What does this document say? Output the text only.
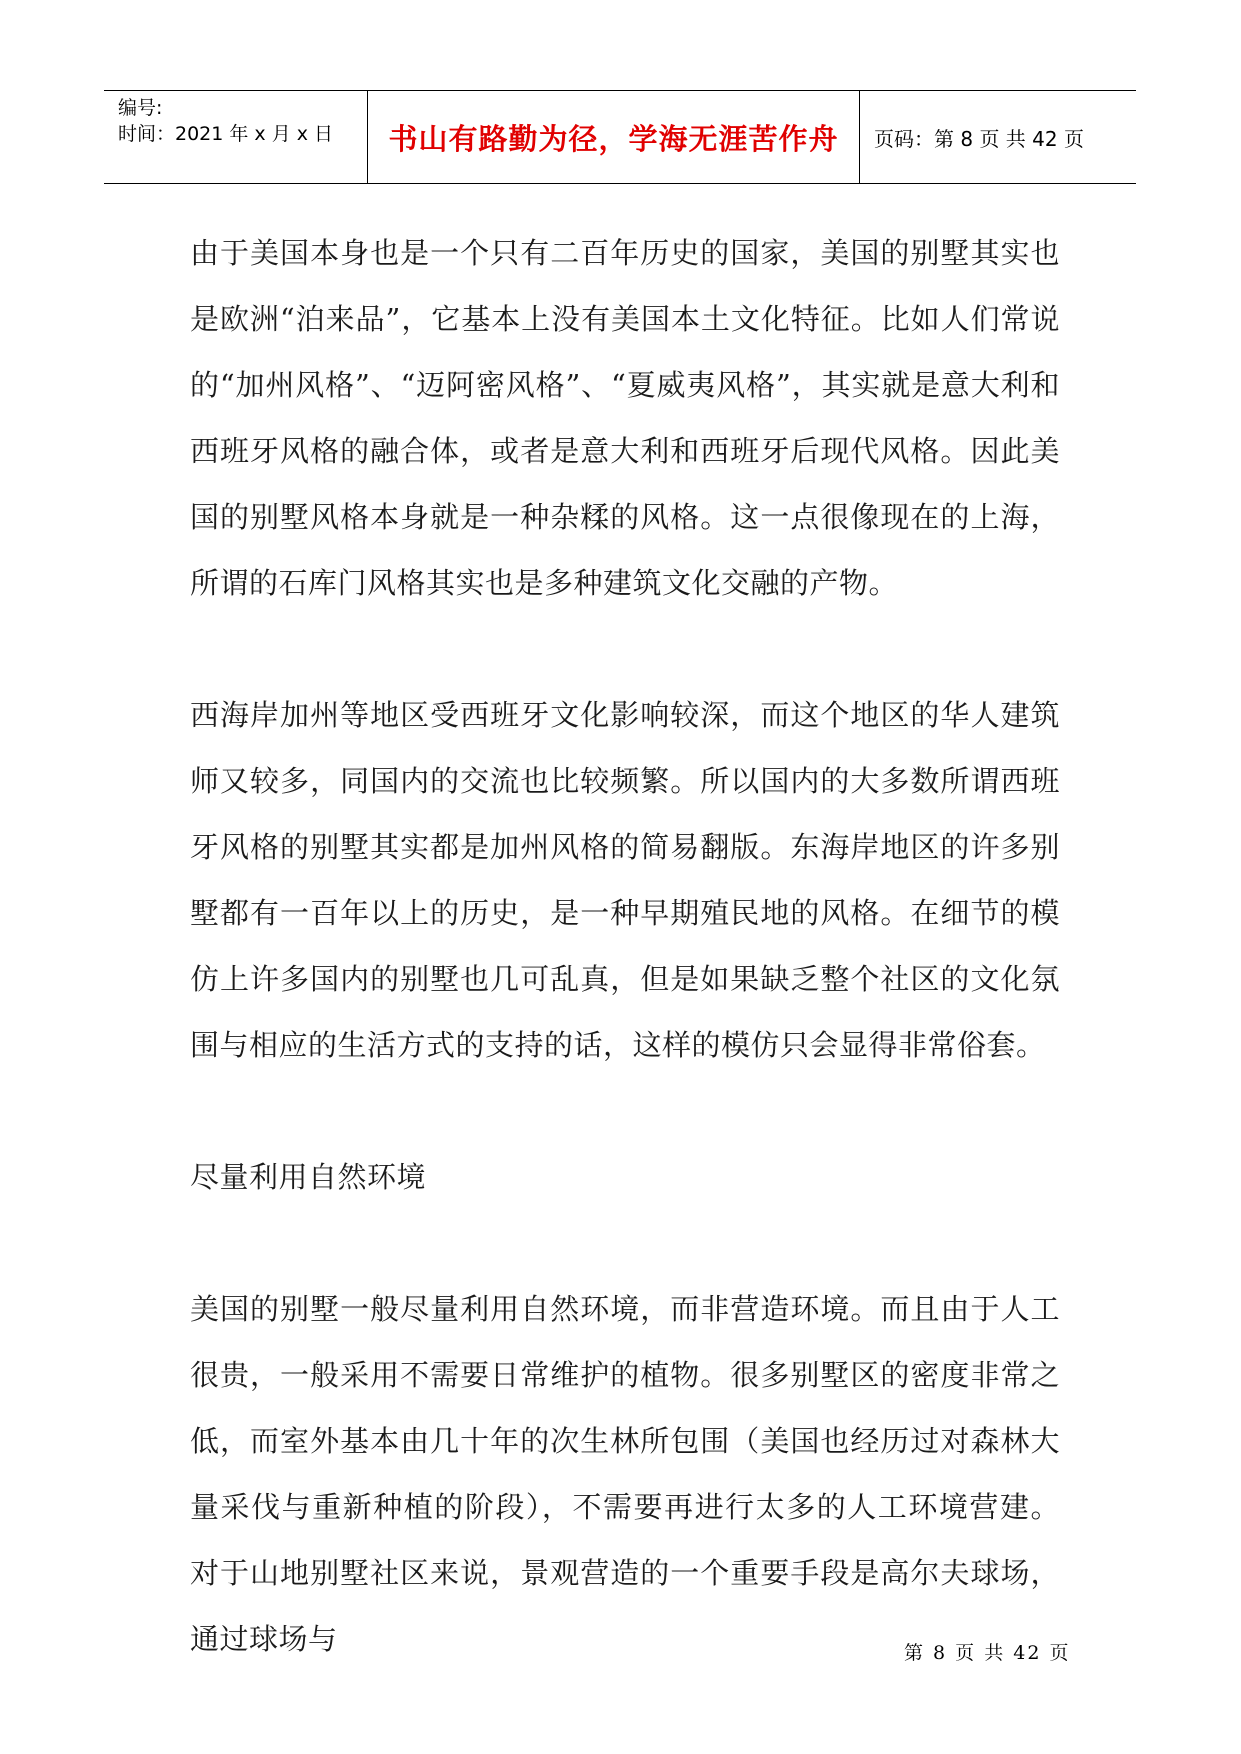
编号:
时间：2021 年 x 月 x 日 书山有路勤为径，学海无涯苦作舟	页码：第 8 页 共 42 页

由于美国本身也是一个只有二百年历史的国家，美国的别墅其实也是欧洲“泊来品”，它基本上没有美国本土文化特征。比如人们常说的“加州风格”、“迈阿密风格”、“夏威夷风格”，其实就是意大利和西班牙风格的融合体，或者是意大利和西班牙后现代风格。因此美国的别墅风格本身就是一种杂糅的风格。这一点很像现在的上海，所谓的石库门风格其实也是多种建筑文化交融的产物。

西海岸加州等地区受西班牙文化影响较深，而这个地区的华人建筑师又较多，同国内的交流也比较频繁。所以国内的大多数所谓西班牙风格的别墅其实都是加州风格的简易翻版。东海岸地区的许多别墅都有一百年以上的历史，是一种早期殖民地的风格。在细节的模仿上许多国内的别墅也几可乱真，但是如果缺乏整个社区的文化氛围与相应的生活方式的支持的话，这样的模仿只会显得非常俗套。

尽量利用自然环境

美国的别墅一般尽量利用自然环境，而非营造环境。而且由于人工很贵，一般采用不需要日常维护的植物。很多别墅区的密度非常之低，而室外基本由几十年的次生林所包围（美国也经历过对森林大量采伐与重新种植的阶段），不需要再进行太多的人工环境营建。对于山地别墅社区来说，景观营造的一个重要手段是高尔夫球场，通过球场与	第 8 页 共 42 页
